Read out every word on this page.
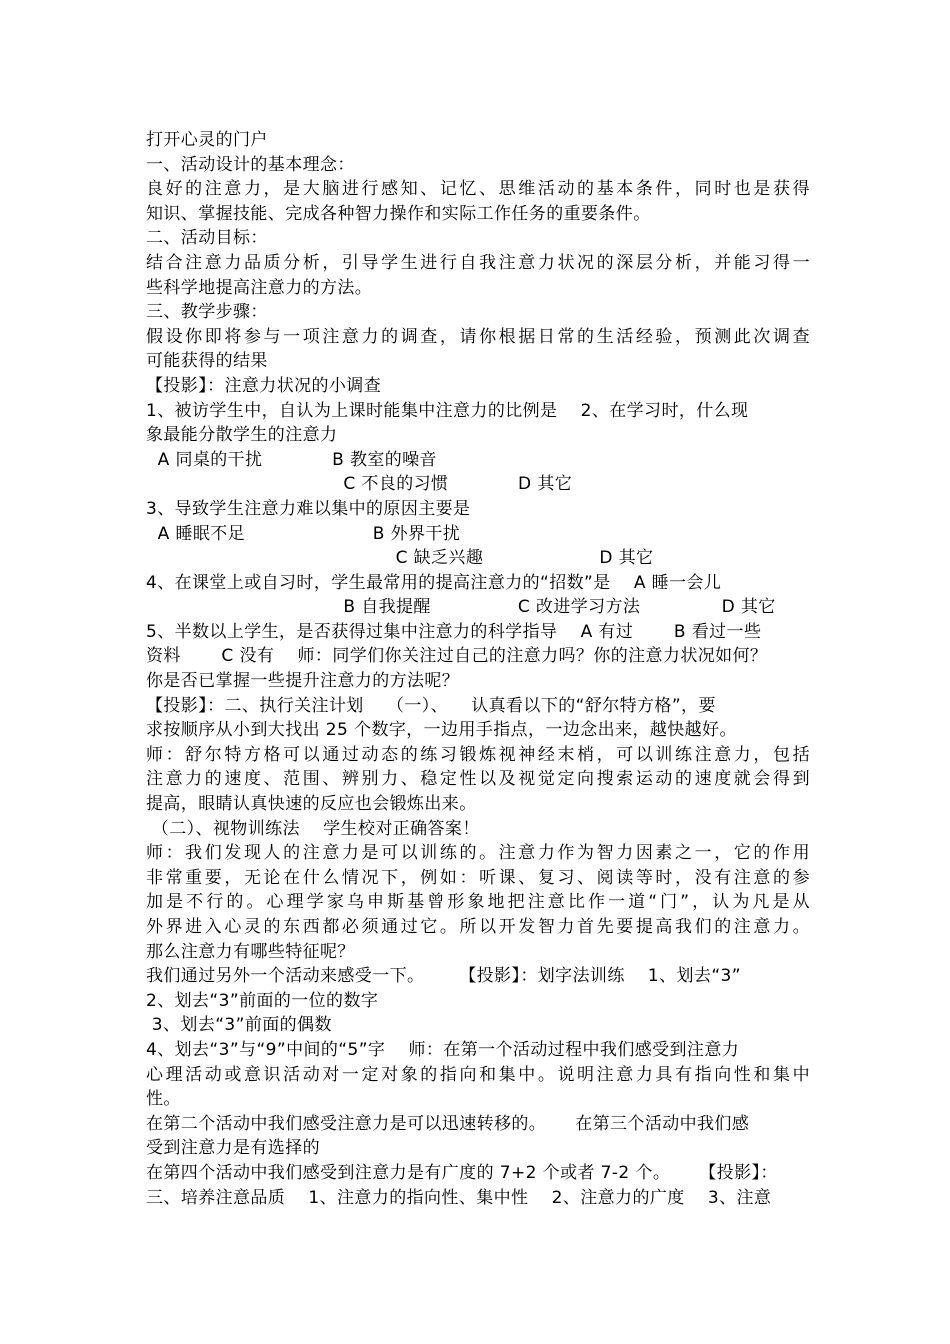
打开心灵的门户
一、活动设计的基本理念：
良好的注意力，是大脑进行感知、记忆、思维活动的基本条件，同时也是获得
知识、掌握技能、完成各种智力操作和实际工作任务的重要条件。
二、活动目标：
结合注意力品质分析，引导学生进行自我注意力状况的深层分析，并能习得一
些科学地提高注意力的方法。
三、教学步骤：
假设你即将参与一项注意力的调查，请你根据日常的生活经验，预测此次调查
可能获得的结果
【投影】：注意力状况的小调查
1、被访学生中，自认为上课时能集中注意力的比例是    2、在学习时，什么现
象最能分散学生的注意力
A 同桌的干扰            B 教室的噪音
C 不良的习惯            D 其它
3、导致学生注意力难以集中的原因主要是
A 睡眠不足                      B 外界干扰
C 缺乏兴趣                    D 其它
4、在课堂上或自习时，学生最常用的提高注意力的“招数”是    A 睡一会儿
B 自我提醒               C 改进学习方法              D 其它
5、半数以上学生，是否获得过集中注意力的科学指导    A 有过       B 看过一些
资料       C 没有    师：同学们你关注过自己的注意力吗？你的注意力状况如何？
你是否已掌握一些提升注意力的方法呢？
【投影】：二、执行关注计划    （一）、    认真看以下的“舒尔特方格”，要
求按顺序从小到大找出 25 个数字，一边用手指点，一边念出来，越快越好。
师：舒尔特方格可以通过动态的练习锻炼视神经末梢，可以训练注意力，包括
注意力的速度、范围、辨别力、稳定性以及视觉定向搜索运动的速度就会得到
提高，眼睛认真快速的反应也会锻炼出来。
（二）、视物训练法    学生校对正确答案！
师：我们发现人的注意力是可以训练的。注意力作为智力因素之一，它的作用
非常重要，无论在什么情况下，例如：听课、复习、阅读等时，没有注意的参
加是不行的。心理学家乌申斯基曾形象地把注意比作一道“门”，认为凡是从
外界进入心灵的东西都必须通过它。所以开发智力首先要提高我们的注意力。
那么注意力有哪些特征呢？
我们通过另外一个活动来感受一下。      【投影】：划字法训练    1、划去“3”
2、划去“3”前面的一位的数字
3、划去“3”前面的偶数
4、划去“3”与“9”中间的“5”字    师：在第一个活动过程中我们感受到注意力
心理活动或意识活动对一定对象的指向和集中。说明注意力具有指向性和集中
性。
在第二个活动中我们感受注意力是可以迅速转移的。     在第三个活动中我们感
受到注意力是有选择的
在第四个活动中我们感受到注意力是有广度的 7+2 个或者 7-2 个。     【投影】：
三、培养注意品质    1、注意力的指向性、集中性    2、注意力的广度    3、注意
